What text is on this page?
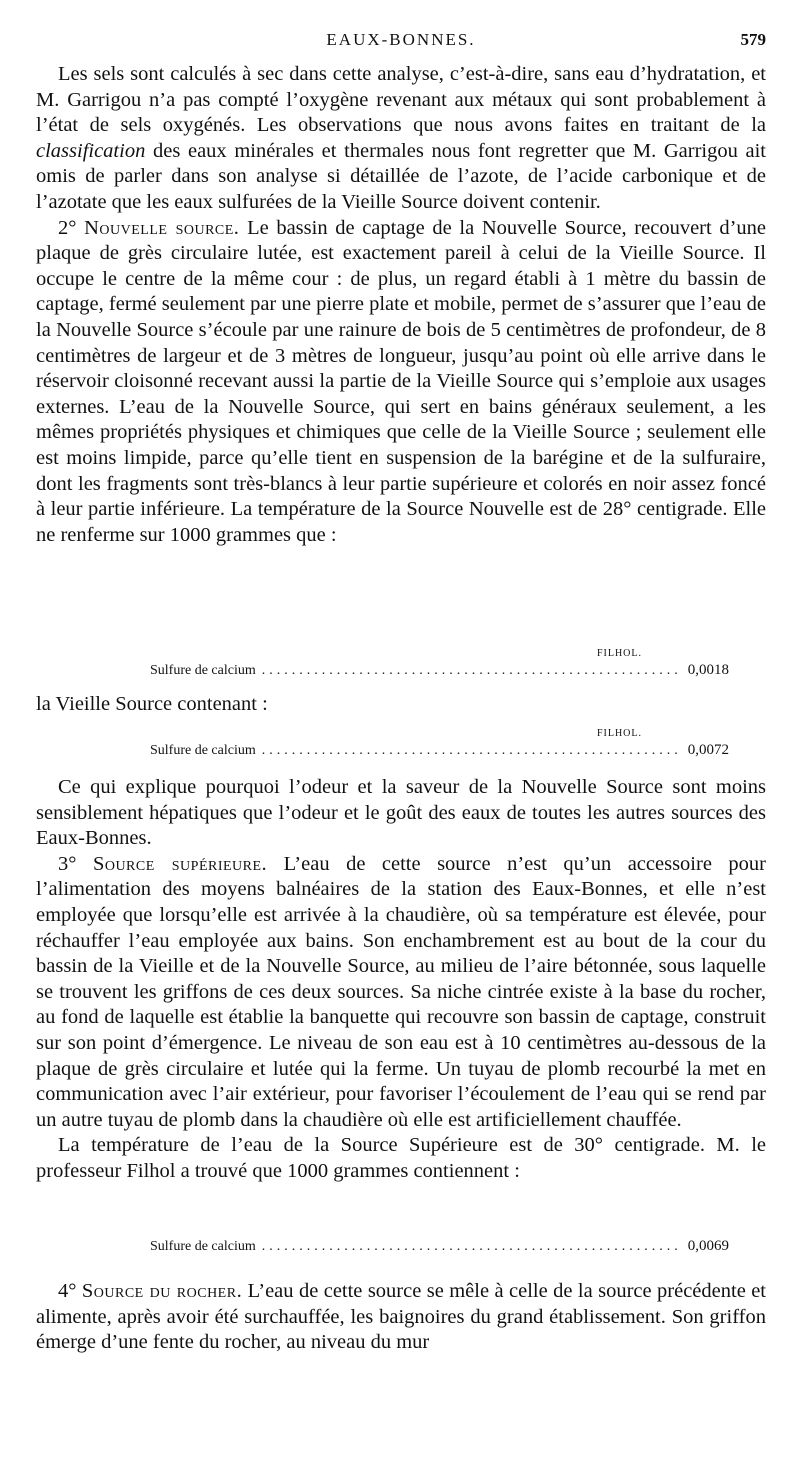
EAUX-BONNES.	579

Les sels sont calculés à sec dans cette analyse, c’est-à-dire, sans eau d’hydratation, et M. Garrigou n’a pas compté l’oxygène revenant aux métaux qui sont probablement à l’état de sels oxygénés. Les observations que nous avons faites en traitant de la classification des eaux minérales et thermales nous font regretter que M. Garrigou ait omis de parler dans son analyse si détaillée de l’azote, de l’acide carbonique et de l’azotate que les eaux sulfurées de la Vieille Source doivent contenir.

2° Nouvelle source. Le bassin de captage de la Nouvelle Source, recouvert d’une plaque de grès circulaire lutée, est exactement pareil à celui de la Vieille Source. Il occupe le centre de la même cour : de plus, un regard établi à 1 mètre du bassin de captage, fermé seulement par une pierre plate et mobile, permet de s’assurer que l’eau de la Nouvelle Source s’écoule par une rainure de bois de 5 centimètres de profondeur, de 8 centimètres de largeur et de 3 mètres de longueur, jusqu’au point où elle arrive dans le réservoir cloisonné recevant aussi la partie de la Vieille Source qui s’emploie aux usages externes. L’eau de la Nouvelle Source, qui sert en bains généraux seulement, a les mêmes propriétés physiques et chimiques que celle de la Vieille Source ; seulement elle est moins limpide, parce qu’elle tient en suspension de la barégine et de la sulfuraire, dont les fragments sont très-blancs à leur partie supérieure et colorés en noir assez foncé à leur partie inférieure. La température de la Source Nouvelle est de 28° centigrade. Elle ne renferme sur 1000 grammes que :

FILHOL.
Sulfure de calcium ........................................................ 0,0018

la Vieille Source contenant :

FILHOL.
Sulfure de calcium ........................................................ 0,0072

Ce qui explique pourquoi l’odeur et la saveur de la Nouvelle Source sont moins sensiblement hépatiques que l’odeur et le goût des eaux de toutes les autres sources des Eaux-Bonnes.

3° Source supérieure. L’eau de cette source n’est qu’un accessoire pour l’alimentation des moyens balnéaires de la station des Eaux-Bonnes, et elle n’est employée que lorsqu’elle est arrivée à la chaudière, où sa température est élevée, pour réchauffer l’eau employée aux bains. Son enchambrement est au bout de la cour du bassin de la Vieille et de la Nouvelle Source, au milieu de l’aire bétonnée, sous laquelle se trouvent les griffons de ces deux sources. Sa niche cintrée existe à la base du rocher, au fond de laquelle est établie la banquette qui recouvre son bassin de captage, construit sur son point d’émergence. Le niveau de son eau est à 10 centimètres au-dessous de la plaque de grès circulaire et lutée qui la ferme. Un tuyau de plomb recourbé la met en communication avec l’air extérieur, pour favoriser l’écoulement de l’eau qui se rend par un autre tuyau de plomb dans la chaudière où elle est artificiellement chauffée.

La température de l’eau de la Source Supérieure est de 30° centigrade. M. le professeur Filhol a trouvé que 1000 grammes contiennent :

Sulfure de calcium ........................................................ 0,0069

4° Source du rocher. L’eau de cette source se mêle à celle de la source précédente et alimente, après avoir été surchauffée, les baignoires du grand établissement. Son griffon émerge d’une fente du rocher, au niveau du mur
